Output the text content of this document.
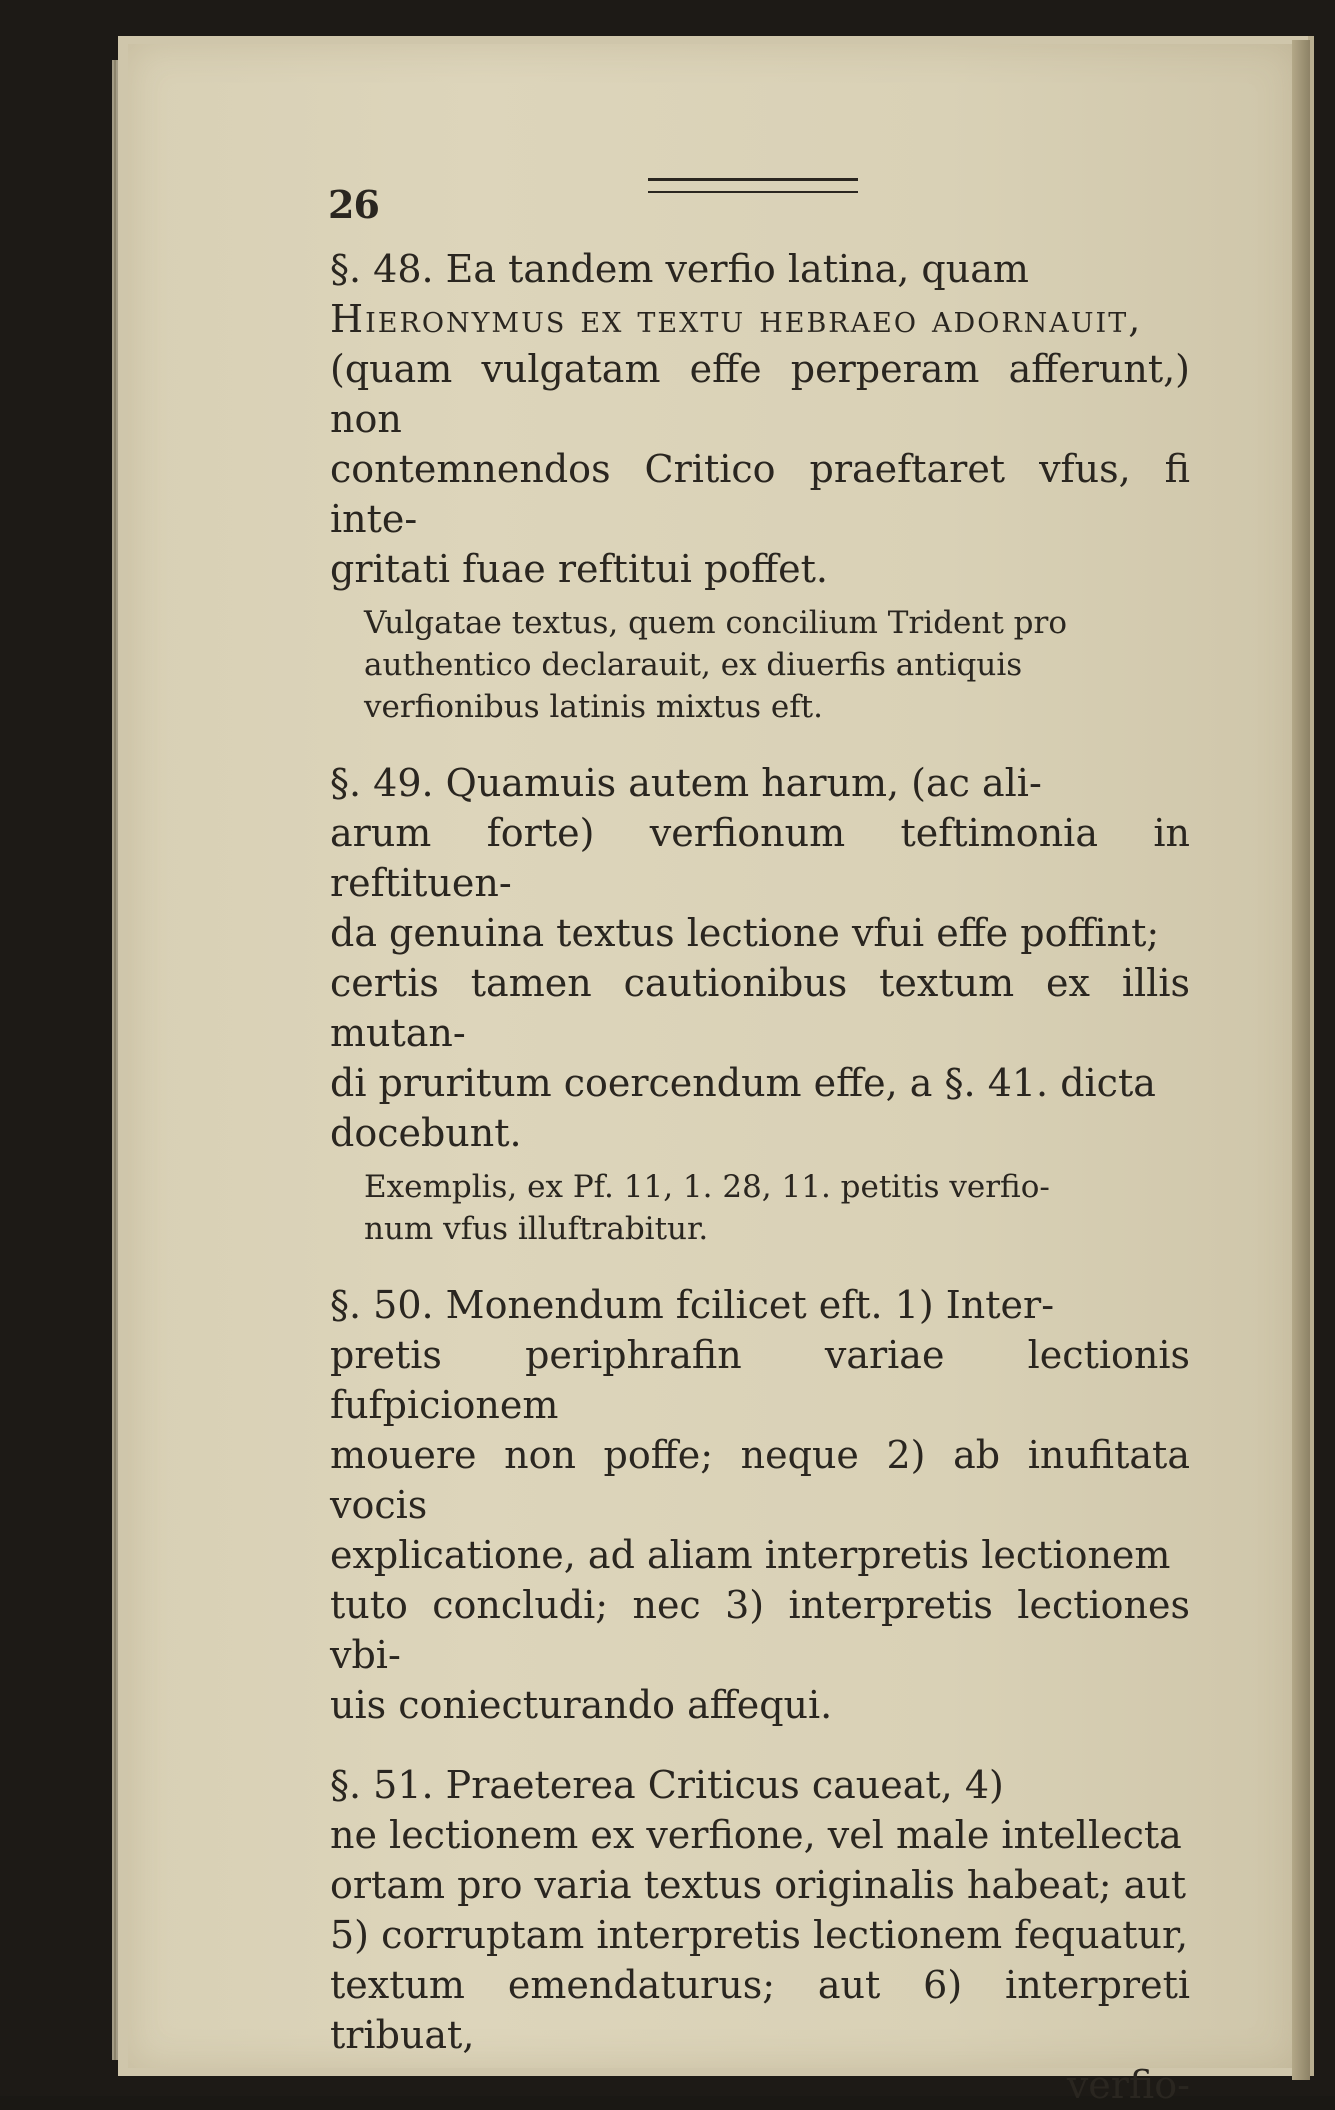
26

§. 48. Ea tandem verfio latina, quam
Hieronymus ex textu hebraeo adornauit,
(quam vulgatam effe perperam afferunt,) non
contemnendos Critico praeftaret vfus, fi inte-
gritati fuae reftitui poffet.

Vulgatae textus, quem concilium Trident pro
authentico declarauit, ex diuerfis antiquis
verfionibus latinis mixtus eft.

§. 49. Quamuis autem harum, (ac ali-
arum forte) verfionum teftimonia in reftituen-
da genuina textus lectione vfui effe poffint;
certis tamen cautionibus textum ex illis mutan-
di pruritum coercendum effe, a §. 41. dicta
docebunt.

Exemplis, ex Pf. 11, 1. 28, 11. petitis verfio-
num vfus illuftrabitur.

§. 50. Monendum fcilicet eft. 1) Inter-
pretis periphrafin variae lectionis fufpicionem
mouere non poffe; neque 2) ab inufitata vocis
explicatione, ad aliam interpretis lectionem
tuto concludi; nec 3) interpretis lectiones vbi-
uis coniecturando affequi.

§. 51. Praeterea Criticus caueat, 4)
ne lectionem ex verfione, vel male intellecta
ortam pro varia textus originalis habeat; aut
5) corruptam interpretis lectionem fequatur,
textum emendaturus; aut 6) interpreti tribuat,

verfio-
